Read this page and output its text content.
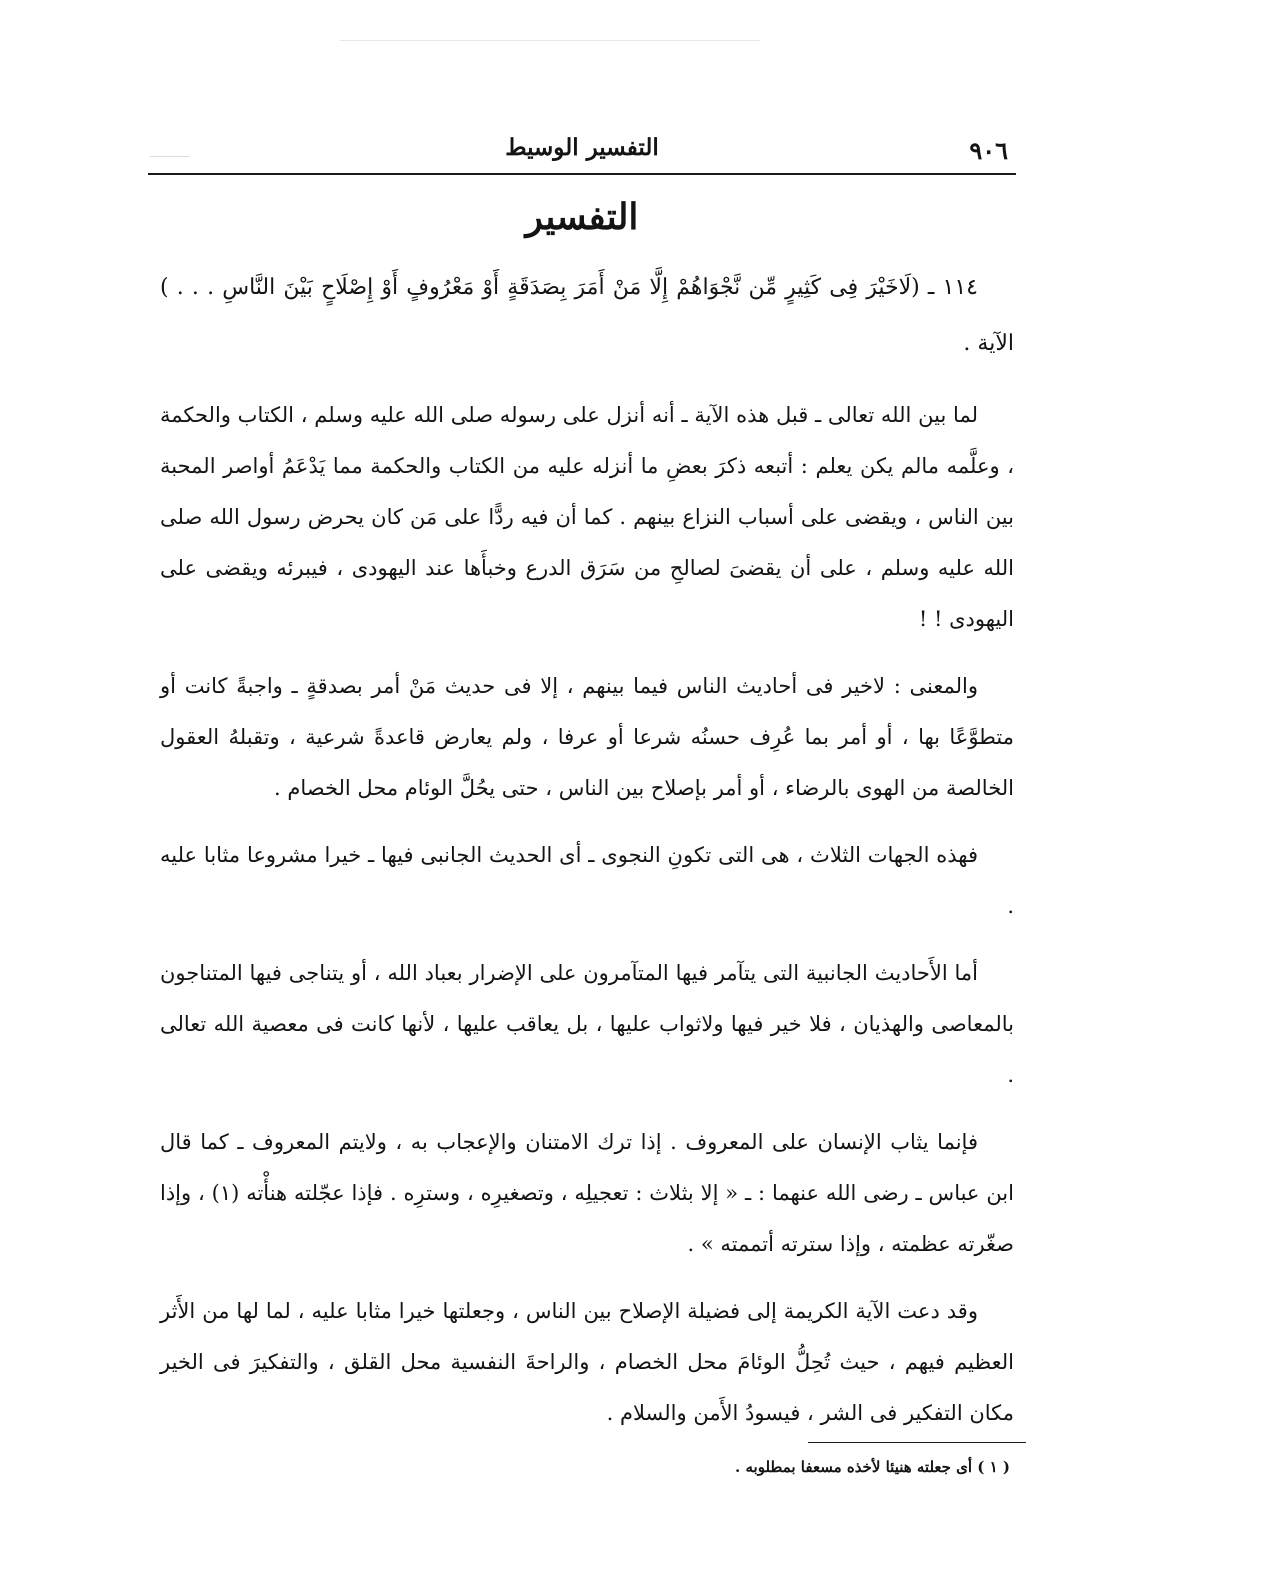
٩٠٦
التفسير الوسيط
التفسير

١١٤ ـ (لَاخَيْرَ فِى كَثِيرٍ مِّن نَّجْوَاهُمْ إِلَّا مَنْ أَمَرَ بِصَدَقَةٍ أَوْ مَعْرُوفٍ أَوْ إِصْلَاحٍ بَيْنَ النَّاسِ . . . ) الآية .

لما بين الله تعالى ـ قبل هذه الآية ـ أنه أنزل على رسوله صلى الله عليه وسلم ، الكتاب والحكمة ، وعلَّمه مالم يكن يعلم : أتبعه ذكرَ بعضِ ما أنزله عليه من الكتاب والحكمة مما يَدْعَمُ أواصر المحبة بين الناس ، ويقضى على أسباب النزاع بينهم . كما أن فيه ردًّا على مَن كان يحرض رسول الله صلى الله عليه وسلم ، على أن يقضىَ لصالحِ من سَرَق الدرع وخبأَها عند اليهودى ، فيبرئه ويقضى على اليهودى ! !

والمعنى : لاخير فى أحاديث الناس فيما بينهم ، إلا فى حديث مَنْ أمر بصدقةٍ ـ واجبةً كانت أو متطوَّعًا بها ، أو أمر بما عُرِف حسنُه شرعا أو عرفا ، ولم يعارض قاعدةً شرعية ، وتقبلهُ العقول الخالصة من الهوى بالرضاء ، أو أمر بإصلاح بين الناس ، حتى يحُلَّ الوئام محل الخصام .

فهذه الجهات الثلاث ، هى التى تكونِ النجوى ـ أى الحديث الجانبى فيها ـ خيرا مشروعا مثابا عليه .

أما الأَحاديث الجانبية التى يتآمر فيها المتآمرون على الإضرار بعباد الله ، أو يتناجى فيها المتناجون بالمعاصى والهذيان ، فلا خير فيها ولاثواب عليها ، بل يعاقب عليها ، لأنها كانت فى معصية الله تعالى .

فإنما يثاب الإنسان على المعروف . إذا ترك الامتنان والإعجاب به ، ولايتم المعروف ـ كما قال ابن عباس ـ رضى الله عنهما : ـ « إلا بثلاث : تعجيلِه ، وتصغيرِه ، وسترِه . فإذا عجّلته هنأْته (١) ، وإذا صغّرته عظمته ، وإذا سترته أتممته » .

وقد دعت الآية الكريمة إلى فضيلة الإصلاح بين الناس ، وجعلتها خيرا مثابا عليه ، لما لها من الأَثر العظيم فيهم ، حيث تُحِلُّ الوئامَ محل الخصام ، والراحةَ النفسية محل القلق ، والتفكيرَ فى الخير مكان التفكير فى الشر ، فيسودُ الأَمن والسلام .

( ١ ) أى جعلته هنيئا لأخذه مسعفا بمطلوبه .
